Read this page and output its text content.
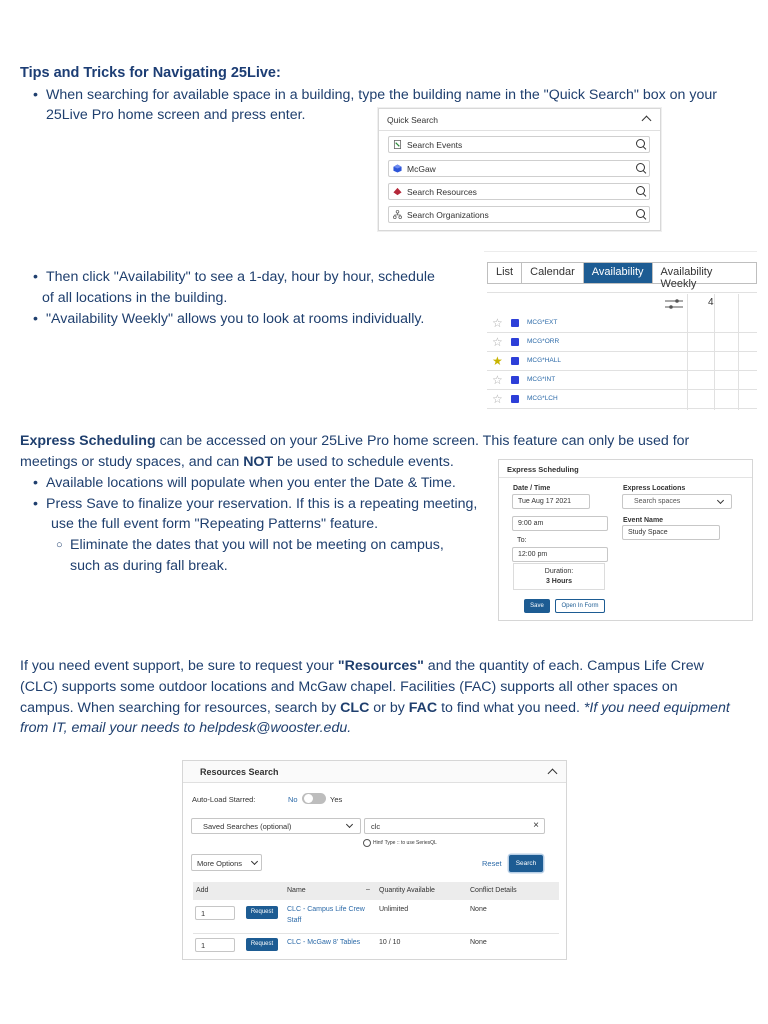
Tips and Tricks for Navigating 25Live:
• When searching for available space in a building, type the building name in the "Quick Search" box on your
25Live Pro home screen and press enter.
• Then click "Availability" to see a 1-day, hour by hour, schedule
of all locations in the building.
• "Availability Weekly" allows you to look at rooms individually.
Quick Search
Search Events
McGaw
Search Resources
Search Organizations
List	Calendar	Availability	Availability Weekly
4
☆	MCG*EXT
☆	MCG*ORR
★	MCG*HALL
☆	MCG*INT
☆	MCG*LCH
Express Scheduling can be accessed on your 25Live Pro home screen. This feature can only be used for
meetings or study spaces, and can NOT be used to schedule events.
• Available locations will populate when you enter the Date & Time.
• Press Save to finalize your reservation. If this is a repeating meeting,
use the full event form "Repeating Patterns" feature.
○ Eliminate the dates that you will not be meeting on campus,
such as during fall break.
Express Scheduling
Date / Time
Tue Aug 17 2021
9:00 am
To:
12:00 pm
Duration:
3 Hours
Express Locations
Search spaces
Event Name
Study Space
Save	Open In Form
If you need event support, be sure to request your "Resources" and the quantity of each. Campus Life Crew
(CLC) supports some outdoor locations and McGaw chapel. Facilities (FAC) supports all other spaces on
campus. When searching for resources, search by CLC or by FAC to find what you need. *If you need equipment
from IT, email your needs to helpdesk@wooster.edu.
Resources Search
Auto-Load Starred:	No	Yes
Saved Searches (optional)	clc	×
Hint! Type :: to use SeriesQL
More Options	Reset	Search
Add	Name	– Quantity Available	Conflict Details
1	Request	CLC - Campus Life Crew
Staff
Unlimited	None
1	Request	CLC - McGaw 8' Tables	10 / 10	None
